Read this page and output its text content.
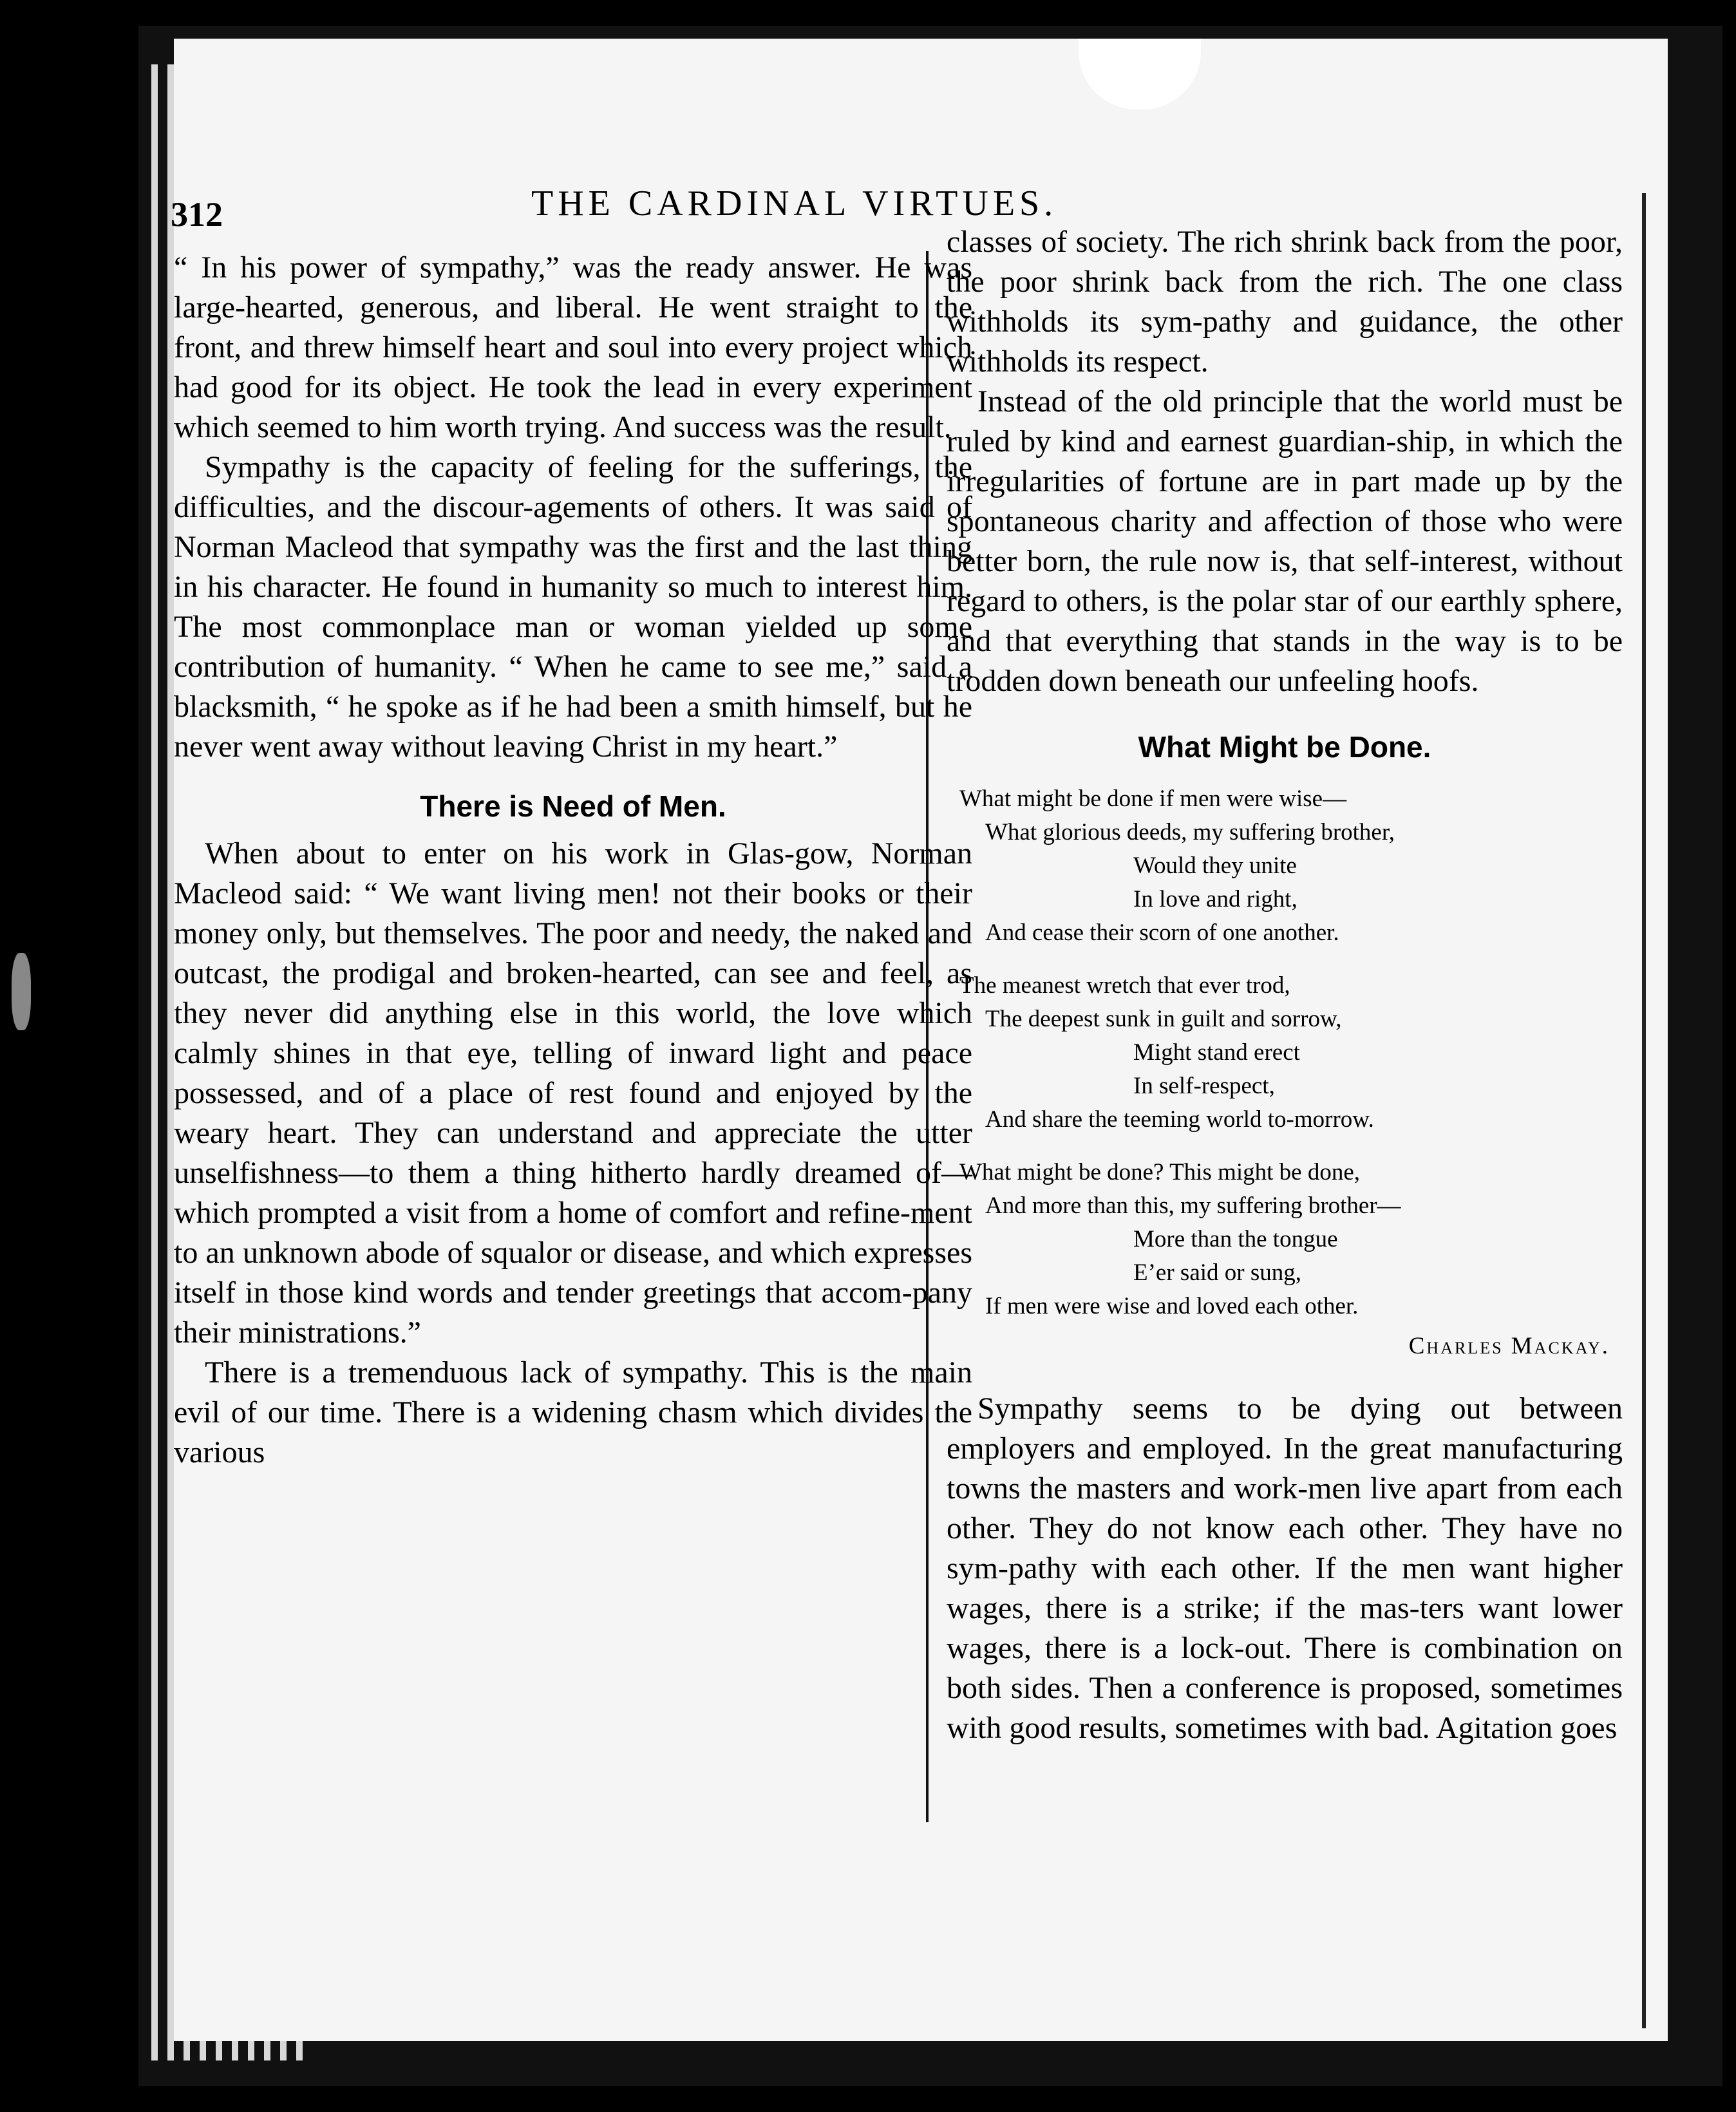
312	THE CARDINAL VIRTUES.

“ In his power of sympathy,” was the ready answer. He was large-hearted, generous, and liberal. He went straight to the front, and threw himself heart and soul into every project which had good for its object. He took the lead in every experiment which seemed to him worth trying. And success was the result.

Sympathy is the capacity of feeling for the sufferings, the difficulties, and the discour-agements of others. It was said of Norman Macleod that sympathy was the first and the last thing in his character. He found in humanity so much to interest him. The most commonplace man or woman yielded up some contribution of humanity. “ When he came to see me,” said a blacksmith, “ he spoke as if he had been a smith himself, but he never went away without leaving Christ in my heart.”

There is Need of Men.

When about to enter on his work in Glas-gow, Norman Macleod said: “ We want living men! not their books or their money only, but themselves. The poor and needy, the naked and outcast, the prodigal and broken-hearted, can see and feel, as they never did anything else in this world, the love which calmly shines in that eye, telling of inward light and peace possessed, and of a place of rest found and enjoyed by the weary heart. They can understand and appreciate the utter unselfishness—to them a thing hitherto hardly dreamed of—which prompted a visit from a home of comfort and refine-ment to an unknown abode of squalor or disease, and which expresses itself in those kind words and tender greetings that accom-pany their ministrations.”

There is a tremenduous lack of sympathy. This is the main evil of our time. There is a widening chasm which divides the various

classes of society. The rich shrink back from the poor, the poor shrink back from the rich. The one class withholds its sym-pathy and guidance, the other withholds its respect.

Instead of the old principle that the world must be ruled by kind and earnest guardian-ship, in which the irregularities of fortune are in part made up by the spontaneous charity and affection of those who were better born, the rule now is, that self-interest, without regard to others, is the polar star of our earthly sphere, and that everything that stands in the way is to be trodden down beneath our unfeeling hoofs.

What Might be Done.
What might be done if men were wise—
What glorious deeds, my suffering brother,
Would they unite
In love and right,
And cease their scorn of one another.
The meanest wretch that ever trod,
The deepest sunk in guilt and sorrow,
Might stand erect
In self-respect,
And share the teeming world to-morrow.
What might be done? This might be done,
And more than this, my suffering brother—
More than the tongue
E’er said or sung,
If men were wise and loved each other.
Charles Mackay.

Sympathy seems to be dying out between employers and employed. In the great manufacturing towns the masters and work-men live apart from each other. They do not know each other. They have no sym-pathy with each other. If the men want higher wages, there is a strike; if the mas-ters want lower wages, there is a lock-out. There is combination on both sides. Then a conference is proposed, sometimes with good results, sometimes with bad. Agitation goes
